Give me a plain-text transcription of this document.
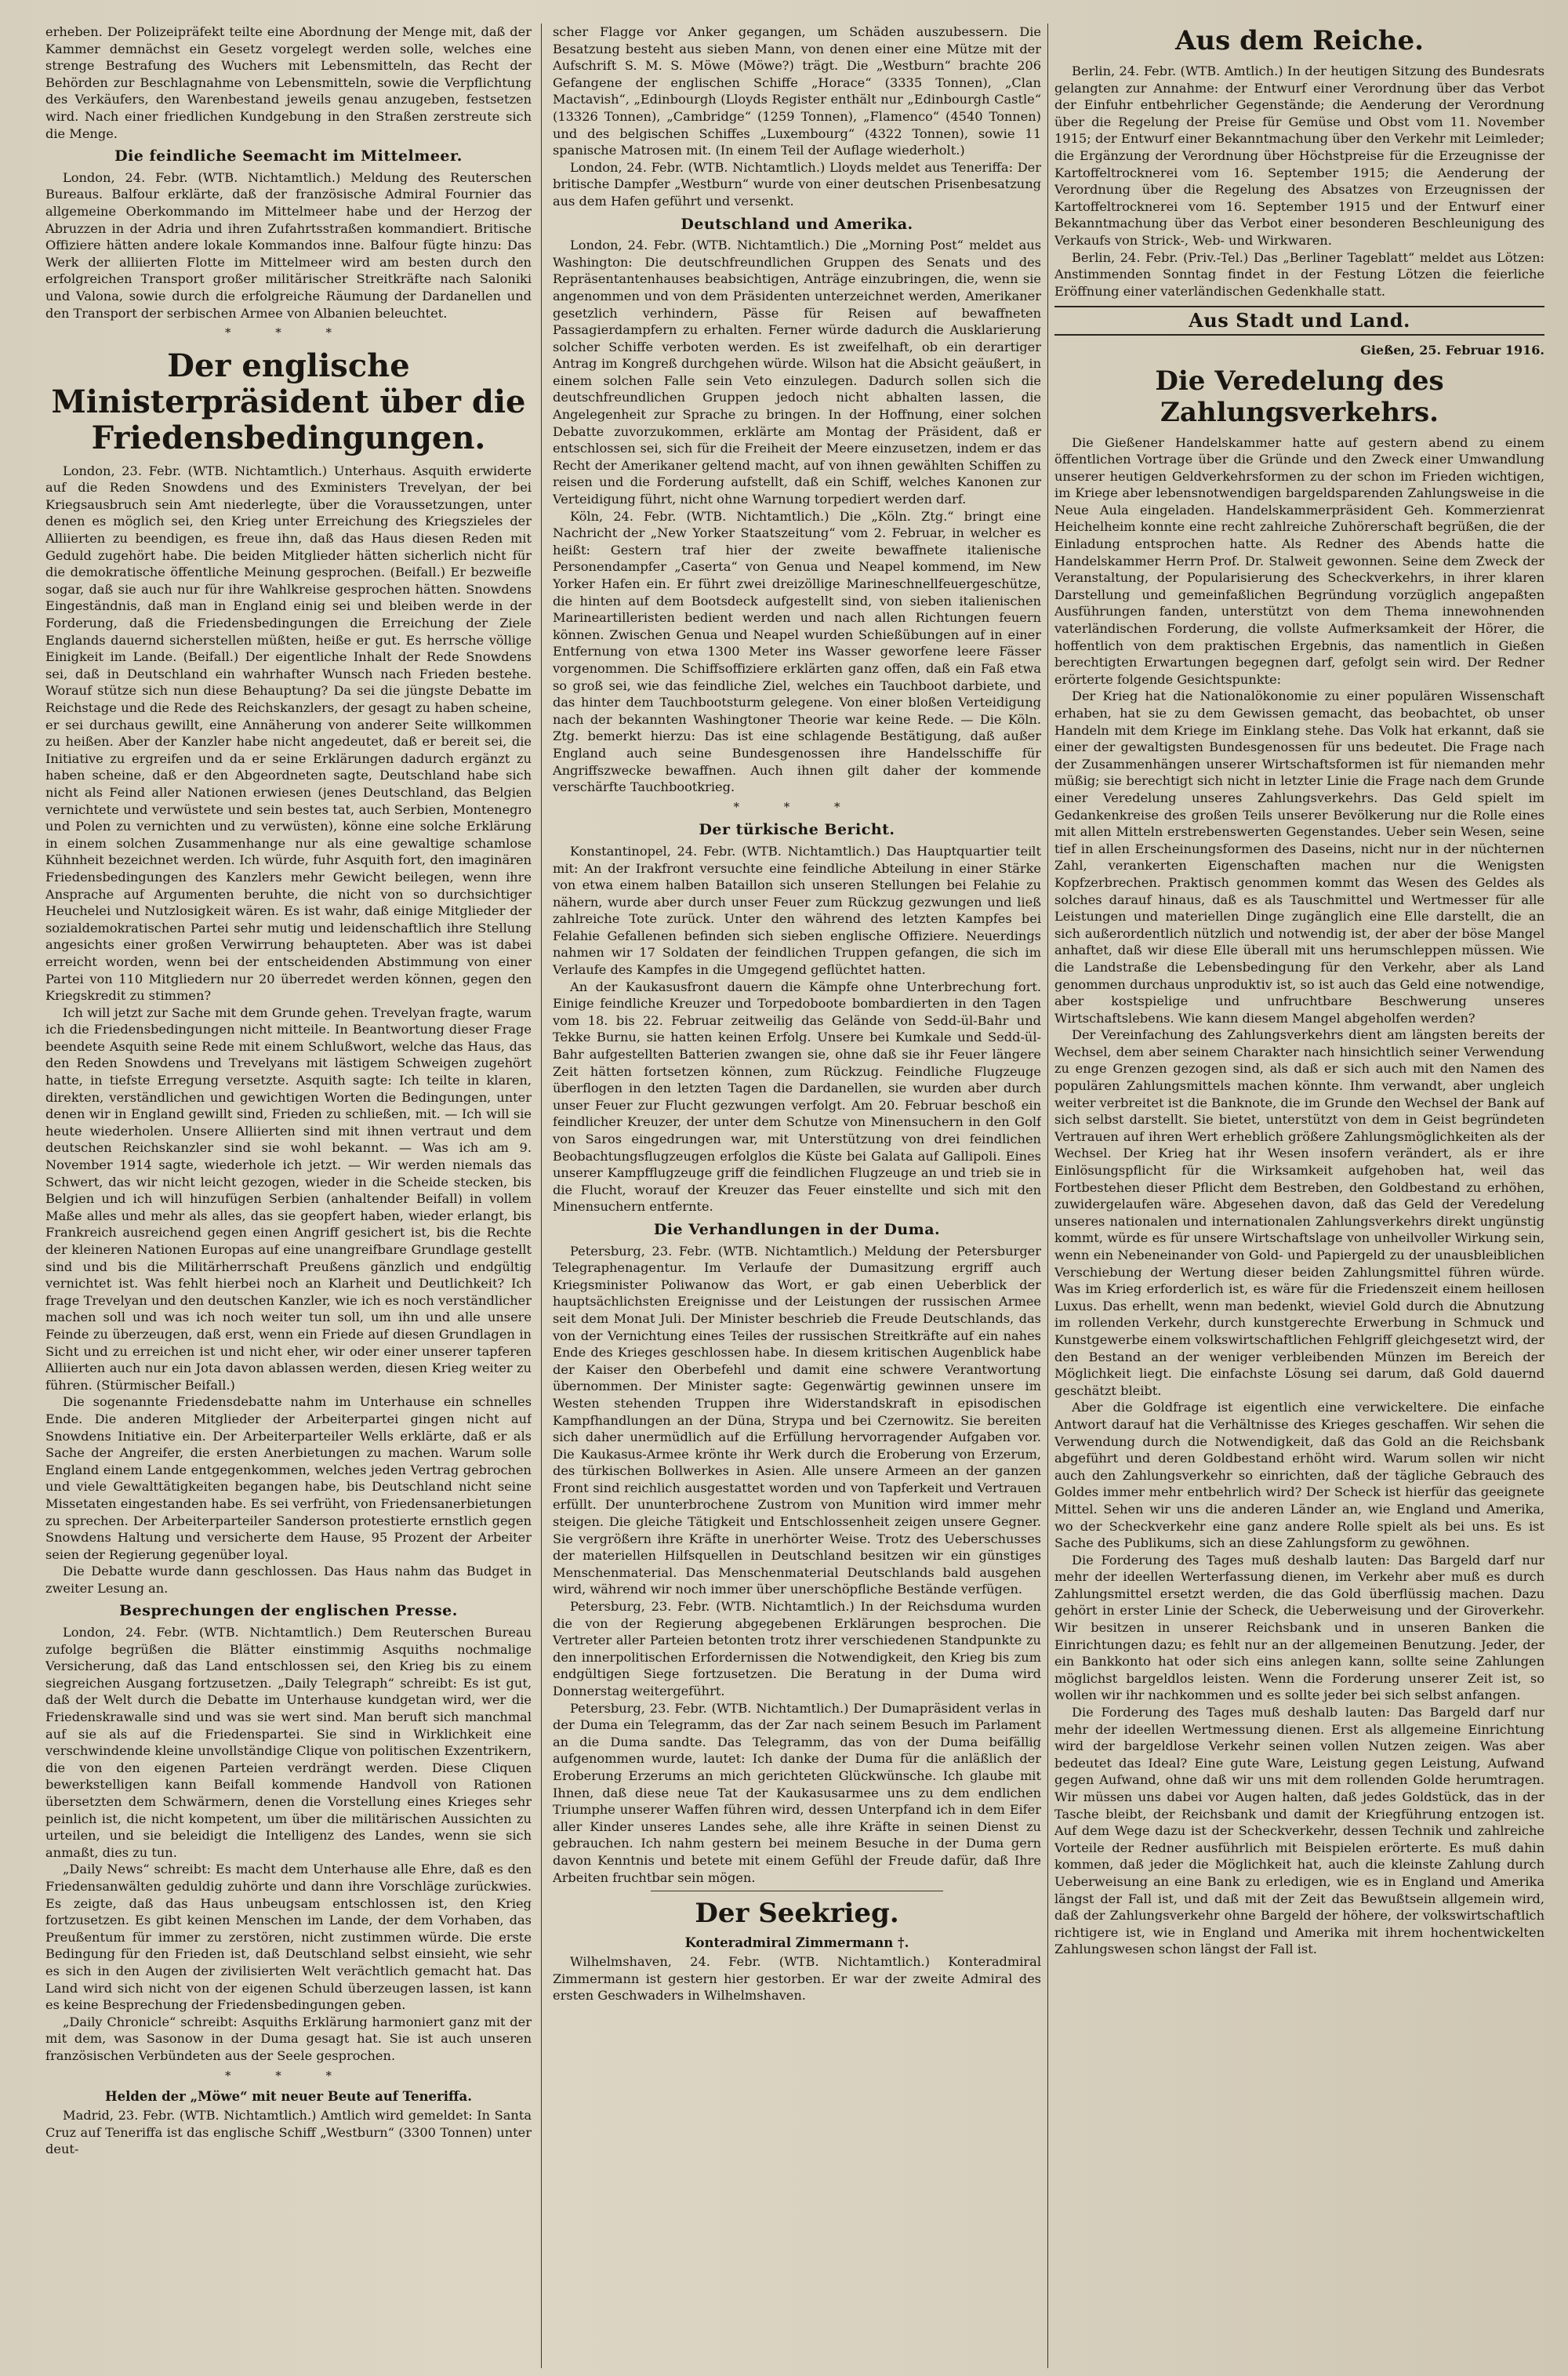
erheben. Der Polizeipräfekt teilte eine Abordnung der Menge mit, daß der Kammer demnächst ein Gesetz vorgelegt werden solle, welches eine strenge Bestrafung des Wuchers mit Lebensmitteln, das Recht der Behörden zur Beschlagnahme von Lebensmitteln, sowie die Verpflichtung des Verkäufers, den Warenbestand jeweils genau anzugeben, festsetzen wird. Nach einer friedlichen Kundgebung in den Straßen zerstreute sich die Menge.

Die feindliche Seemacht im Mittelmeer.

London, 24. Febr. (WTB. Nichtamtlich.) Meldung des Reuterschen Bureaus. Balfour erklärte, daß der französische Admiral Fournier das allgemeine Oberkommando im Mittelmeer habe und der Herzog der Abruzzen in der Adria und ihren Zufahrtsstraßen kommandiert. Britische Offiziere hätten andere lokale Kommandos inne. Balfour fügte hinzu: Das Werk der alliierten Flotte im Mittelmeer wird am besten durch den erfolgreichen Transport großer militärischer Streitkräfte nach Saloniki und Valona, sowie durch die erfolgreiche Räumung der Dardanellen und den Transport der serbischen Armee von Albanien beleuchtet.

* * *
Der englische Ministerpräsident über die Friedensbedingungen.

London, 23. Febr. (WTB. Nichtamtlich.) Unterhaus. Asquith erwiderte auf die Reden Snowdens und des Exministers Trevelyan, der bei Kriegsausbruch sein Amt niederlegte, über die Voraussetzungen, unter denen es möglich sei, den Krieg unter Erreichung des Kriegszieles der Alliierten zu beendigen, es freue ihn, daß das Haus diesen Reden mit Geduld zugehört habe. Die beiden Mitglieder hätten sicherlich nicht für die demokratische öffentliche Meinung gesprochen. (Beifall.) Er bezweifle sogar, daß sie auch nur für ihre Wahlkreise gesprochen hätten. Snowdens Eingeständnis, daß man in England einig sei und bleiben werde in der Forderung, daß die Friedensbedingungen die Erreichung der Ziele Englands dauernd sicherstellen müßten, heiße er gut. Es herrsche völlige Einigkeit im Lande. (Beifall.) Der eigentliche Inhalt der Rede Snowdens sei, daß in Deutschland ein wahrhafter Wunsch nach Frieden bestehe. Worauf stütze sich nun diese Behauptung? Da sei die jüngste Debatte im Reichstage und die Rede des Reichskanzlers, der gesagt zu haben scheine, er sei durchaus gewillt, eine Annäherung von anderer Seite willkommen zu heißen. Aber der Kanzler habe nicht angedeutet, daß er bereit sei, die Initiative zu ergreifen und da er seine Erklärungen dadurch ergänzt zu haben scheine, daß er den Abgeordneten sagte, Deutschland habe sich nicht als Feind aller Nationen erwiesen (jenes Deutschland, das Belgien vernichtete und verwüstete und sein bestes tat, auch Serbien, Montenegro und Polen zu vernichten und zu verwüsten), könne eine solche Erklärung in einem solchen Zusammenhange nur als eine gewaltige schamlose Kühnheit bezeichnet werden. Ich würde, fuhr Asquith fort, den imaginären Friedensbedingungen des Kanzlers mehr Gewicht beilegen, wenn ihre Ansprache auf Argumenten beruhte, die nicht von so durchsichtiger Heuchelei und Nutzlosigkeit wären. Es ist wahr, daß einige Mitglieder der sozialdemokratischen Partei sehr mutig und leidenschaftlich ihre Stellung angesichts einer großen Verwirrung behaupteten. Aber was ist dabei erreicht worden, wenn bei der entscheidenden Abstimmung von einer Partei von 110 Mitgliedern nur 20 überredet werden können, gegen den Kriegskredit zu stimmen?

Ich will jetzt zur Sache mit dem Grunde gehen. Trevelyan fragte, warum ich die Friedensbedingungen nicht mitteile. In Beantwortung dieser Frage beendete Asquith seine Rede mit einem Schlußwort, welche das Haus, das den Reden Snowdens und Trevelyans mit lästigem Schweigen zugehört hatte, in tiefste Erregung versetzte. Asquith sagte: Ich teilte in klaren, direkten, verständlichen und gewichtigen Worten die Bedingungen, unter denen wir in England gewillt sind, Frieden zu schließen, mit. — Ich will sie heute wiederholen. Unsere Alliierten sind mit ihnen vertraut und dem deutschen Reichskanzler sind sie wohl bekannt. — Was ich am 9. November 1914 sagte, wiederhole ich jetzt. — Wir werden niemals das Schwert, das wir nicht leicht gezogen, wieder in die Scheide stecken, bis Belgien und ich will hinzufügen Serbien (anhaltender Beifall) in vollem Maße alles und mehr als alles, das sie geopfert haben, wieder erlangt, bis Frankreich ausreichend gegen einen Angriff gesichert ist, bis die Rechte der kleineren Nationen Europas auf eine unangreifbare Grundlage gestellt sind und bis die Militärherrschaft Preußens gänzlich und endgültig vernichtet ist. Was fehlt hierbei noch an Klarheit und Deutlichkeit? Ich frage Trevelyan und den deutschen Kanzler, wie ich es noch verständlicher machen soll und was ich noch weiter tun soll, um ihn und alle unsere Feinde zu überzeugen, daß erst, wenn ein Friede auf diesen Grundlagen in Sicht und zu erreichen ist und nicht eher, wir oder einer unserer tapferen Alliierten auch nur ein Jota davon ablassen werden, diesen Krieg weiter zu führen. (Stürmischer Beifall.)

Die sogenannte Friedensdebatte nahm im Unterhause ein schnelles Ende. Die anderen Mitglieder der Arbeiterpartei gingen nicht auf Snowdens Initiative ein. Der Arbeiterparteiler Wells erklärte, daß er als Sache der Angreifer, die ersten Anerbietungen zu machen. Warum solle England einem Lande entgegenkommen, welches jeden Vertrag gebrochen und viele Gewalttätigkeiten begangen habe, bis Deutschland nicht seine Missetaten eingestanden habe. Es sei verfrüht, von Friedensanerbietungen zu sprechen. Der Arbeiterparteiler Sanderson protestierte ernstlich gegen Snowdens Haltung und versicherte dem Hause, 95 Prozent der Arbeiter seien der Regierung gegenüber loyal.

Die Debatte wurde dann geschlossen. Das Haus nahm das Budget in zweiter Lesung an.

Besprechungen der englischen Presse.

London, 24. Febr. (WTB. Nichtamtlich.) Dem Reuterschen Bureau zufolge begrüßen die Blätter einstimmig Asquiths nochmalige Versicherung, daß das Land entschlossen sei, den Krieg bis zu einem siegreichen Ausgang fortzusetzen. „Daily Telegraph“ schreibt: Es ist gut, daß der Welt durch die Debatte im Unterhause kundgetan wird, wer die Friedenskrawalle sind und was sie wert sind. Man beruft sich manchmal auf sie als auf die Friedenspartei. Sie sind in Wirklichkeit eine verschwindende kleine unvollständige Clique von politischen Exzentrikern, die von den eigenen Parteien verdrängt werden. Diese Cliquen bewerkstelligen kann Beifall kommende Handvoll von Rationen übersetzten dem Schwärmern, denen die Vorstellung eines Krieges sehr peinlich ist, die nicht kompetent, um über die militärischen Aussichten zu urteilen, und sie beleidigt die Intelligenz des Landes, wenn sie sich anmaßt, dies zu tun.

„Daily News“ schreibt: Es macht dem Unterhause alle Ehre, daß es den Friedensanwälten geduldig zuhörte und dann ihre Vorschläge zurückwies. Es zeigte, daß das Haus unbeugsam entschlossen ist, den Krieg fortzusetzen. Es gibt keinen Menschen im Lande, der dem Vorhaben, das Preußentum für immer zu zerstören, nicht zustimmen würde. Die erste Bedingung für den Frieden ist, daß Deutschland selbst einsieht, wie sehr es sich in den Augen der zivilisierten Welt verächtlich gemacht hat. Das Land wird sich nicht von der eigenen Schuld überzeugen lassen, ist kann es keine Besprechung der Friedensbedingungen geben.

„Daily Chronicle“ schreibt: Asquiths Erklärung harmoniert ganz mit der mit dem, was Sasonow in der Duma gesagt hat. Sie ist auch unseren französischen Verbündeten aus der Seele gesprochen.

* * *
Helden der „Möwe“ mit neuer Beute auf Teneriffa.

Madrid, 23. Febr. (WTB. Nichtamtlich.) Amtlich wird gemeldet: In Santa Cruz auf Teneriffa ist das englische Schiff „Westburn“ (3300 Tonnen) unter deut-

scher Flagge vor Anker gegangen, um Schäden auszubessern. Die Besatzung besteht aus sieben Mann, von denen einer eine Mütze mit der Aufschrift S. M. S. Möwe (Möwe?) trägt. Die „Westburn“ brachte 206 Gefangene der englischen Schiffe „Horace“ (3335 Tonnen), „Clan Mactavish“, „Edinbourgh (Lloyds Register enthält nur „Edinbourgh Castle“ (13326 Tonnen), „Cambridge“ (1259 Tonnen), „Flamenco“ (4540 Tonnen) und des belgischen Schiffes „Luxembourg“ (4322 Tonnen), sowie 11 spanische Matrosen mit. (In einem Teil der Auflage wiederholt.)

London, 24. Febr. (WTB. Nichtamtlich.) Lloyds meldet aus Teneriffa: Der britische Dampfer „Westburn“ wurde von einer deutschen Prisenbesatzung aus dem Hafen geführt und versenkt.

Deutschland und Amerika.

London, 24. Febr. (WTB. Nichtamtlich.) Die „Morning Post“ meldet aus Washington: Die deutschfreundlichen Gruppen des Senats und des Repräsentantenhauses beabsichtigen, Anträge einzubringen, die, wenn sie angenommen und von dem Präsidenten unterzeichnet werden, Amerikaner gesetzlich verhindern, Pässe für Reisen auf bewaffneten Passagierdampfern zu erhalten. Ferner würde dadurch die Ausklarierung solcher Schiffe verboten werden. Es ist zweifelhaft, ob ein derartiger Antrag im Kongreß durchgehen würde. Wilson hat die Absicht geäußert, in einem solchen Falle sein Veto einzulegen. Dadurch sollen sich die deutschfreundlichen Gruppen jedoch nicht abhalten lassen, die Angelegenheit zur Sprache zu bringen. In der Hoffnung, einer solchen Debatte zuvorzukommen, erklärte am Montag der Präsident, daß er entschlossen sei, sich für die Freiheit der Meere einzusetzen, indem er das Recht der Amerikaner geltend macht, auf von ihnen gewählten Schiffen zu reisen und die Forderung aufstellt, daß ein Schiff, welches Kanonen zur Verteidigung führt, nicht ohne Warnung torpediert werden darf.

Köln, 24. Febr. (WTB. Nichtamtlich.) Die „Köln. Ztg.“ bringt eine Nachricht der „New Yorker Staatszeitung“ vom 2. Februar, in welcher es heißt: Gestern traf hier der zweite bewaffnete italienische Personendampfer „Caserta“ von Genua und Neapel kommend, im New Yorker Hafen ein. Er führt zwei dreizöllige Marineschnellfeuergeschütze, die hinten auf dem Bootsdeck aufgestellt sind, von sieben italienischen Marineartilleristen bedient werden und nach allen Richtungen feuern können. Zwischen Genua und Neapel wurden Schießübungen auf in einer Entfernung von etwa 1300 Meter ins Wasser geworfene leere Fässer vorgenommen. Die Schiffsoffiziere erklärten ganz offen, daß ein Faß etwa so groß sei, wie das feindliche Ziel, welches ein Tauchboot darbiete, und das hinter dem Tauchbootsturm gelegene. Von einer bloßen Verteidigung nach der bekannten Washingtoner Theorie war keine Rede. — Die Köln. Ztg. bemerkt hierzu: Das ist eine schlagende Bestätigung, daß außer England auch seine Bundesgenossen ihre Handelsschiffe für Angriffszwecke bewaffnen. Auch ihnen gilt daher der kommende verschärfte Tauchbootkrieg.

* * *
Der türkische Bericht.

Konstantinopel, 24. Febr. (WTB. Nichtamtlich.) Das Hauptquartier teilt mit: An der Irakfront versuchte eine feindliche Abteilung in einer Stärke von etwa einem halben Bataillon sich unseren Stellungen bei Felahie zu nähern, wurde aber durch unser Feuer zum Rückzug gezwungen und ließ zahlreiche Tote zurück. Unter den während des letzten Kampfes bei Felahie Gefallenen befinden sich sieben englische Offiziere. Neuerdings nahmen wir 17 Soldaten der feindlichen Truppen gefangen, die sich im Verlaufe des Kampfes in die Umgegend geflüchtet hatten.

An der Kaukasusfront dauern die Kämpfe ohne Unterbrechung fort. Einige feindliche Kreuzer und Torpedoboote bombardierten in den Tagen vom 18. bis 22. Februar zeitweilig das Gelände von Sedd-ül-Bahr und Tekke Burnu, sie hatten keinen Erfolg. Unsere bei Kumkale und Sedd-ül-Bahr aufgestellten Batterien zwangen sie, ohne daß sie ihr Feuer längere Zeit hätten fortsetzen können, zum Rückzug. Feindliche Flugzeuge überflogen in den letzten Tagen die Dardanellen, sie wurden aber durch unser Feuer zur Flucht gezwungen verfolgt. Am 20. Februar beschoß ein feindlicher Kreuzer, der unter dem Schutze von Minensuchern in den Golf von Saros eingedrungen war, mit Unterstützung von drei feindlichen Beobachtungsflugzeugen erfolglos die Küste bei Galata auf Gallipoli. Eines unserer Kampfflugzeuge griff die feindlichen Flugzeuge an und trieb sie in die Flucht, worauf der Kreuzer das Feuer einstellte und sich mit den Minensuchern entfernte.

Die Verhandlungen in der Duma.

Petersburg, 23. Febr. (WTB. Nichtamtlich.) Meldung der Petersburger Telegraphenagentur. Im Verlaufe der Dumasitzung ergriff auch Kriegsminister Poliwanow das Wort, er gab einen Ueberblick der hauptsächlichsten Ereignisse und der Leistungen der russischen Armee seit dem Monat Juli. Der Minister beschrieb die Freude Deutschlands, das von der Vernichtung eines Teiles der russischen Streitkräfte auf ein nahes Ende des Krieges geschlossen habe. In diesem kritischen Augenblick habe der Kaiser den Oberbefehl und damit eine schwere Verantwortung übernommen. Der Minister sagte: Gegenwärtig gewinnen unsere im Westen stehenden Truppen ihre Widerstandskraft in episodischen Kampfhandlungen an der Düna, Strypa und bei Czernowitz. Sie bereiten sich daher unermüdlich auf die Erfüllung hervorragender Aufgaben vor. Die Kaukasus-Armee krönte ihr Werk durch die Eroberung von Erzerum, des türkischen Bollwerkes in Asien. Alle unsere Armeen an der ganzen Front sind reichlich ausgestattet worden und von Tapferkeit und Vertrauen erfüllt. Der ununterbrochene Zustrom von Munition wird immer mehr steigen. Die gleiche Tätigkeit und Entschlossenheit zeigen unsere Gegner. Sie vergrößern ihre Kräfte in unerhörter Weise. Trotz des Ueberschusses der materiellen Hilfsquellen in Deutschland besitzen wir ein günstiges Menschenmaterial. Das Menschenmaterial Deutschlands bald ausgehen wird, während wir noch immer über unerschöpfliche Bestände verfügen.

Petersburg, 23. Febr. (WTB. Nichtamtlich.) In der Reichsduma wurden die von der Regierung abgegebenen Erklärungen besprochen. Die Vertreter aller Parteien betonten trotz ihrer verschiedenen Standpunkte zu den innerpolitischen Erfordernissen die Notwendigkeit, den Krieg bis zum endgültigen Siege fortzusetzen. Die Beratung in der Duma wird Donnerstag weitergeführt.

Petersburg, 23. Febr. (WTB. Nichtamtlich.) Der Dumapräsident verlas in der Duma ein Telegramm, das der Zar nach seinem Besuch im Parlament an die Duma sandte. Das Telegramm, das von der Duma beifällig aufgenommen wurde, lautet: Ich danke der Duma für die anläßlich der Eroberung Erzerums an mich gerichteten Glückwünsche. Ich glaube mit Ihnen, daß diese neue Tat der Kaukasusarmee uns zu dem endlichen Triumphe unserer Waffen führen wird, dessen Unterpfand ich in dem Eifer aller Kinder unseres Landes sehe, alle ihre Kräfte in seinen Dienst zu gebrauchen. Ich nahm gestern bei meinem Besuche in der Duma gern davon Kenntnis und betete mit einem Gefühl der Freude dafür, daß Ihre Arbeiten fruchtbar sein mögen.

Der Seekrieg.
Konteradmiral Zimmermann †.

Wilhelmshaven, 24. Febr. (WTB. Nichtamtlich.) Konteradmiral Zimmermann ist gestern hier gestorben. Er war der zweite Admiral des ersten Geschwaders in Wilhelmshaven.

Aus dem Reiche.

Berlin, 24. Febr. (WTB. Amtlich.) In der heutigen Sitzung des Bundesrats gelangten zur Annahme: der Entwurf einer Verordnung über das Verbot der Einfuhr entbehrlicher Gegenstände; die Aenderung der Verordnung über die Regelung der Preise für Gemüse und Obst vom 11. November 1915; der Entwurf einer Bekanntmachung über den Verkehr mit Leimleder; die Ergänzung der Verordnung über Höchstpreise für die Erzeugnisse der Kartoffeltrocknerei vom 16. September 1915; die Aenderung der Verordnung über die Regelung des Absatzes von Erzeugnissen der Kartoffeltrocknerei vom 16. September 1915 und der Entwurf einer Bekanntmachung über das Verbot einer besonderen Beschleunigung des Verkaufs von Strick-, Web- und Wirkwaren.

Berlin, 24. Febr. (Priv.-Tel.) Das „Berliner Tageblatt“ meldet aus Lötzen: Anstimmenden Sonntag findet in der Festung Lötzen die feierliche Eröffnung einer vaterländischen Gedenkhalle statt.

Aus Stadt und Land.
Gießen, 25. Februar 1916.
Die Veredelung des Zahlungsverkehrs.

Die Gießener Handelskammer hatte auf gestern abend zu einem öffentlichen Vortrage über die Gründe und den Zweck einer Umwandlung unserer heutigen Geldverkehrsformen zu der schon im Frieden wichtigen, im Kriege aber lebensnotwendigen bargeldsparenden Zahlungsweise in die Neue Aula eingeladen. Handelskammerpräsident Geh. Kommerzienrat Heichelheim konnte eine recht zahlreiche Zuhörerschaft begrüßen, die der Einladung entsprochen hatte. Als Redner des Abends hatte die Handelskammer Herrn Prof. Dr. Stalweit gewonnen. Seine dem Zweck der Veranstaltung, der Popularisierung des Scheckverkehrs, in ihrer klaren Darstellung und gemeinfaßlichen Begründung vorzüglich angepaßten Ausführungen fanden, unterstützt von dem Thema innewohnenden vaterländischen Forderung, die vollste Aufmerksamkeit der Hörer, die hoffentlich von dem praktischen Ergebnis, das namentlich in Gießen berechtigten Erwartungen begegnen darf, gefolgt sein wird. Der Redner erörterte folgende Gesichtspunkte:

Der Krieg hat die Nationalökonomie zu einer populären Wissenschaft erhaben, hat sie zu dem Gewissen gemacht, das beobachtet, ob unser Handeln mit dem Kriege im Einklang stehe. Das Volk hat erkannt, daß sie einer der gewaltigsten Bundesgenossen für uns bedeutet. Die Frage nach der Zusammenhängen unserer Wirtschaftsformen ist für niemanden mehr müßig; sie berechtigt sich nicht in letzter Linie die Frage nach dem Grunde einer Veredelung unseres Zahlungsverkehrs. Das Geld spielt im Gedankenkreise des großen Teils unserer Bevölkerung nur die Rolle eines mit allen Mitteln erstrebenswerten Gegenstandes. Ueber sein Wesen, seine tief in allen Erscheinungsformen des Daseins, nicht nur in der nüchternen Zahl, verankerten Eigenschaften machen nur die Wenigsten Kopfzerbrechen. Praktisch genommen kommt das Wesen des Geldes als solches darauf hinaus, daß es als Tauschmittel und Wertmesser für alle Leistungen und materiellen Dinge zugänglich eine Elle darstellt, die an sich außerordentlich nützlich und notwendig ist, der aber der böse Mangel anhaftet, daß wir diese Elle überall mit uns herumschleppen müssen. Wie die Landstraße die Lebensbedingung für den Verkehr, aber als Land genommen durchaus unproduktiv ist, so ist auch das Geld eine notwendige, aber kostspielige und unfruchtbare Beschwerung unseres Wirtschaftslebens. Wie kann diesem Mangel abgeholfen werden?

Der Vereinfachung des Zahlungsverkehrs dient am längsten bereits der Wechsel, dem aber seinem Charakter nach hinsichtlich seiner Verwendung zu enge Grenzen gezogen sind, als daß er sich auch mit den Namen des populären Zahlungsmittels machen könnte. Ihm verwandt, aber ungleich weiter verbreitet ist die Banknote, die im Grunde den Wechsel der Bank auf sich selbst darstellt. Sie bietet, unterstützt von dem in Geist begründeten Vertrauen auf ihren Wert erheblich größere Zahlungsmöglichkeiten als der Wechsel. Der Krieg hat ihr Wesen insofern verändert, als er ihre Einlösungspflicht für die Wirksamkeit aufgehoben hat, weil das Fortbestehen dieser Pflicht dem Bestreben, den Goldbestand zu erhöhen, zuwidergelaufen wäre. Abgesehen davon, daß das Geld der Veredelung unseres nationalen und internationalen Zahlungsverkehrs direkt ungünstig kommt, würde es für unsere Wirtschaftslage von unheilvoller Wirkung sein, wenn ein Nebeneinander von Gold- und Papiergeld zu der unausbleiblichen Verschiebung der Wertung dieser beiden Zahlungsmittel führen würde. Was im Krieg erforderlich ist, es wäre für die Friedenszeit einem heillosen Luxus. Das erhellt, wenn man bedenkt, wieviel Gold durch die Abnutzung im rollenden Verkehr, durch kunstgerechte Erwerbung in Schmuck und Kunstgewerbe einem volkswirtschaftlichen Fehlgriff gleichgesetzt wird, der den Bestand an der weniger verbleibenden Münzen im Bereich der Möglichkeit liegt. Die einfachste Lösung sei darum, daß Gold dauernd geschätzt bleibt.

Aber die Goldfrage ist eigentlich eine verwickeltere. Die einfache Antwort darauf hat die Verhältnisse des Krieges geschaffen. Wir sehen die Verwendung durch die Notwendigkeit, daß das Gold an die Reichsbank abgeführt und deren Goldbestand erhöht wird. Warum sollen wir nicht auch den Zahlungsverkehr so einrichten, daß der tägliche Gebrauch des Goldes immer mehr entbehrlich wird? Der Scheck ist hierfür das geeignete Mittel. Sehen wir uns die anderen Länder an, wie England und Amerika, wo der Scheckverkehr eine ganz andere Rolle spielt als bei uns. Es ist Sache des Publikums, sich an diese Zahlungsform zu gewöhnen.

Die Forderung des Tages muß deshalb lauten: Das Bargeld darf nur mehr der ideellen Werterfassung dienen, im Verkehr aber muß es durch Zahlungsmittel ersetzt werden, die das Gold überflüssig machen. Dazu gehört in erster Linie der Scheck, die Ueberweisung und der Giroverkehr. Wir besitzen in unserer Reichsbank und in unseren Banken die Einrichtungen dazu; es fehlt nur an der allgemeinen Benutzung. Jeder, der ein Bankkonto hat oder sich eins anlegen kann, sollte seine Zahlungen möglichst bargeldlos leisten. Wenn die Forderung unserer Zeit ist, so wollen wir ihr nachkommen und es sollte jeder bei sich selbst anfangen.

Die Forderung des Tages muß deshalb lauten: Das Bargeld darf nur mehr der ideellen Wertmessung dienen. Erst als allgemeine Einrichtung wird der bargeldlose Verkehr seinen vollen Nutzen zeigen. Was aber bedeutet das Ideal? Eine gute Ware, Leistung gegen Leistung, Aufwand gegen Aufwand, ohne daß wir uns mit dem rollenden Golde herumtragen. Wir müssen uns dabei vor Augen halten, daß jedes Goldstück, das in der Tasche bleibt, der Reichsbank und damit der Kriegführung entzogen ist. Auf dem Wege dazu ist der Scheckverkehr, dessen Technik und zahlreiche Vorteile der Redner ausführlich mit Beispielen erörterte. Es muß dahin kommen, daß jeder die Möglichkeit hat, auch die kleinste Zahlung durch Ueberweisung an eine Bank zu erledigen, wie es in England und Amerika längst der Fall ist, und daß mit der Zeit das Bewußtsein allgemein wird, daß der Zahlungsverkehr ohne Bargeld der höhere, der volkswirtschaftlich richtigere ist, wie in England und Amerika mit ihrem hochentwickelten Zahlungswesen schon längst der Fall ist.
